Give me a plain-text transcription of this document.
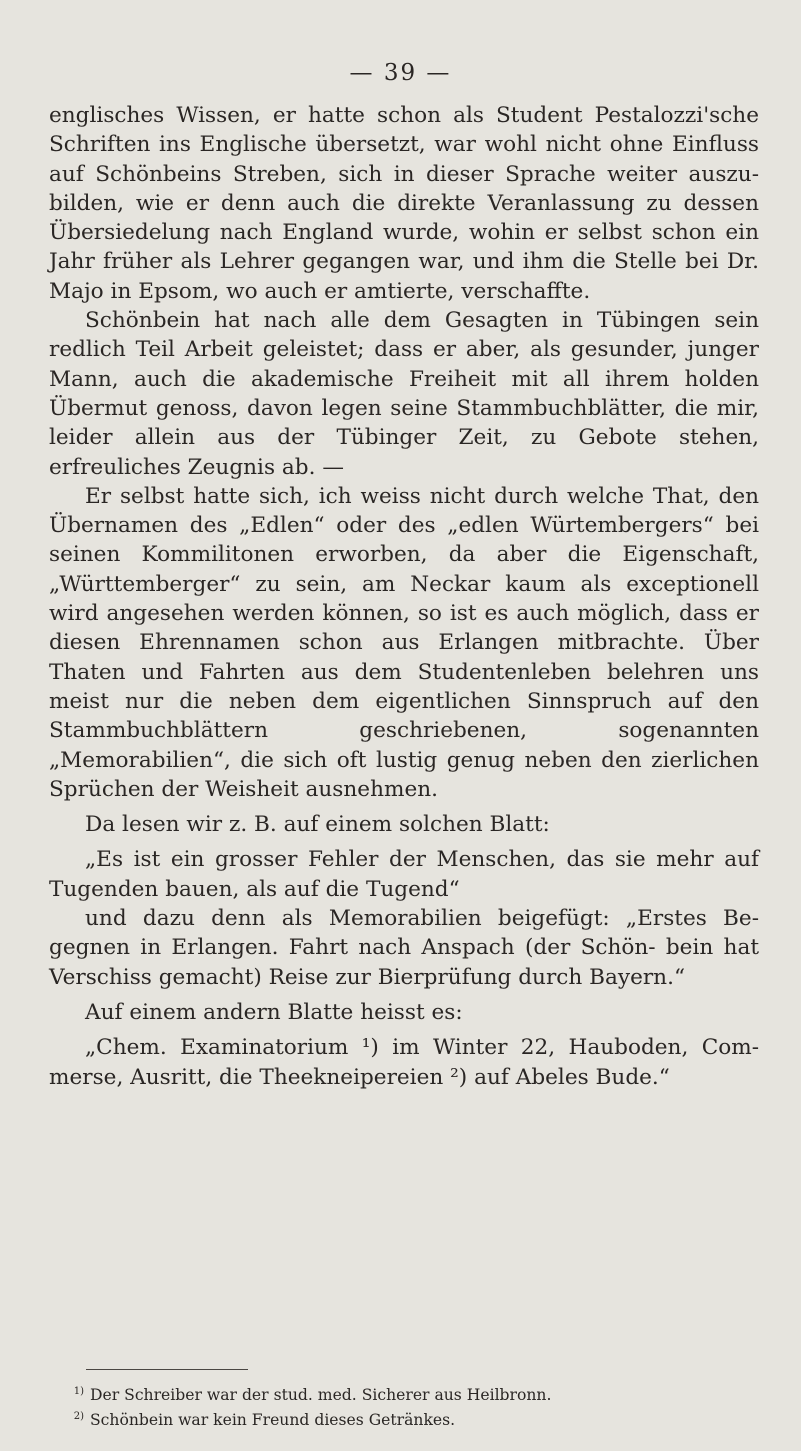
— 39 —

englisches Wissen, er hatte schon als Student Pestalozzi'sche Schriften ins Englische übersetzt, war wohl nicht ohne Einfluss auf Schönbeins Streben, sich in dieser Sprache weiter auszu- bilden, wie er denn auch die direkte Veranlassung zu dessen Übersiedelung nach England wurde, wohin er selbst schon ein Jahr früher als Lehrer gegangen war, und ihm die Stelle bei Dr. Majo in Epsom, wo auch er amtierte, verschaffte.

Schönbein hat nach alle dem Gesagten in Tübingen sein redlich Teil Arbeit geleistet; dass er aber, als gesunder, junger Mann, auch die akademische Freiheit mit all ihrem holden Übermut genoss, davon legen seine Stammbuchblätter, die mir, leider allein aus der Tübinger Zeit, zu Gebote stehen, erfreuliches Zeugnis ab. —

Er selbst hatte sich, ich weiss nicht durch welche That, den Übernamen des „Edlen“ oder des „edlen Würtembergers“ bei seinen Kommilitonen erworben, da aber die Eigenschaft, „Württemberger“ zu sein, am Neckar kaum als exceptionell wird angesehen werden können, so ist es auch möglich, dass er diesen Ehrennamen schon aus Erlangen mitbrachte. Über Thaten und Fahrten aus dem Studentenleben belehren uns meist nur die neben dem eigentlichen Sinnspruch auf den Stammbuchblättern geschriebenen, sogenannten „Memorabilien“, die sich oft lustig genug neben den zierlichen Sprüchen der Weisheit ausnehmen.

Da lesen wir z. B. auf einem solchen Blatt:

„Es ist ein grosser Fehler der Menschen, das sie mehr auf Tugenden bauen, als auf die Tugend“

und dazu denn als Memorabilien beigefügt: „Erstes Be- gegnen in Erlangen. Fahrt nach Anspach (der Schön- bein hat Verschiss gemacht) Reise zur Bierprüfung durch Bayern.“

Auf einem andern Blatte heisst es:

„Chem. Examinatorium ¹) im Winter 22, Hauboden, Com- merse, Ausritt, die Theekneipereien ²) auf Abeles Bude.“

1) Der Schreiber war der stud. med. Sicherer aus Heilbronn.

2) Schönbein war kein Freund dieses Getränkes.
